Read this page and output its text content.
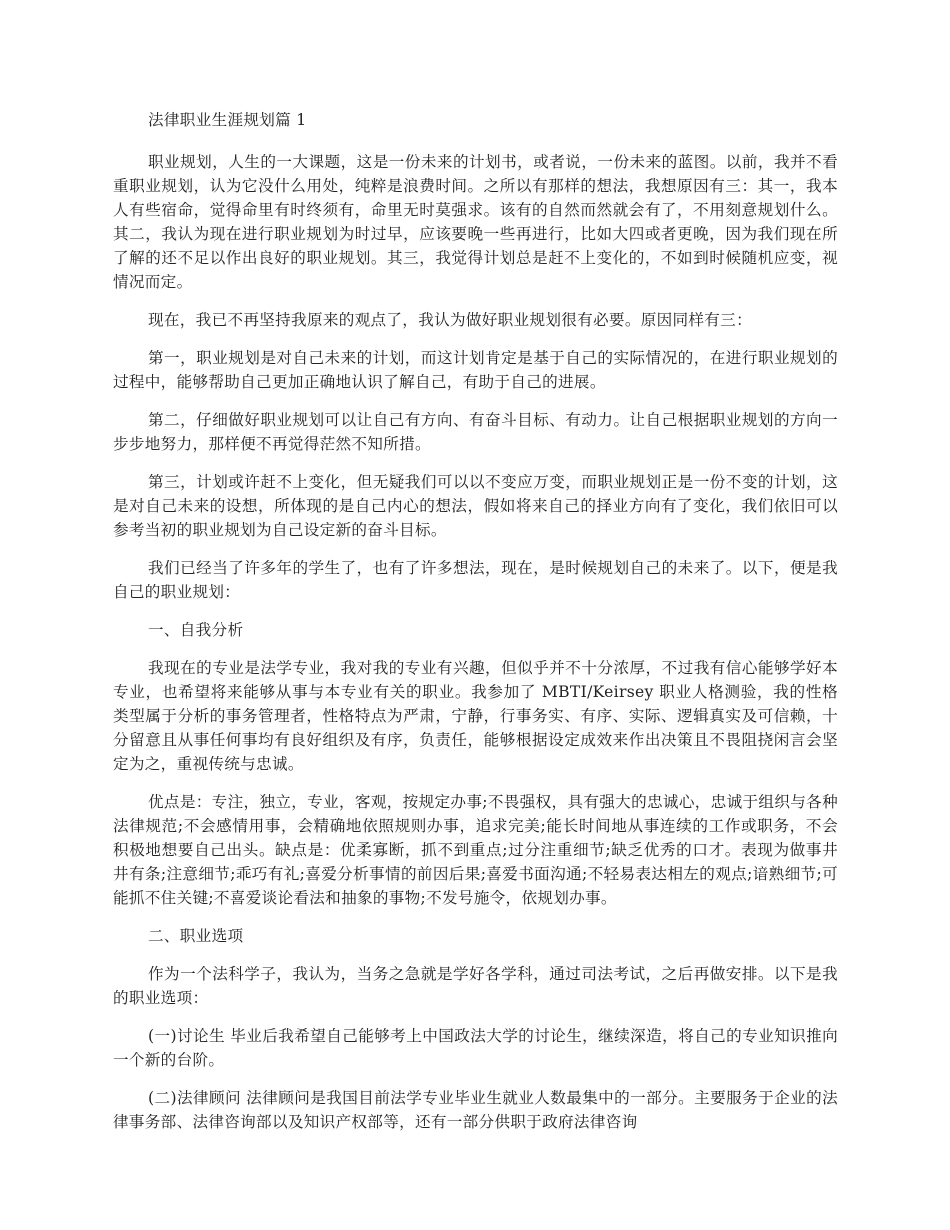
法律职业生涯规划篇 1

职业规划，人生的一大课题，这是一份未来的计划书，或者说，一份未来的蓝图。以前，我并不看重职业规划，认为它没什么用处，纯粹是浪费时间。之所以有那样的想法，我想原因有三：其一，我本人有些宿命，觉得命里有时终须有，命里无时莫强求。该有的自然而然就会有了，不用刻意规划什么。其二，我认为现在进行职业规划为时过早，应该要晚一些再进行，比如大四或者更晚，因为我们现在所了解的还不足以作出良好的职业规划。其三，我觉得计划总是赶不上变化的，不如到时候随机应变，视情况而定。

现在，我已不再坚持我原来的观点了，我认为做好职业规划很有必要。原因同样有三：

第一，职业规划是对自己未来的计划，而这计划肯定是基于自己的实际情况的，在进行职业规划的过程中，能够帮助自己更加正确地认识了解自己，有助于自己的进展。

第二，仔细做好职业规划可以让自己有方向、有奋斗目标、有动力。让自己根据职业规划的方向一步步地努力，那样便不再觉得茫然不知所措。

第三，计划或许赶不上变化，但无疑我们可以以不变应万变，而职业规划正是一份不变的计划，这是对自己未来的设想，所体现的是自己内心的想法，假如将来自己的择业方向有了变化，我们依旧可以参考当初的职业规划为自己设定新的奋斗目标。

我们已经当了许多年的学生了，也有了许多想法，现在，是时候规划自己的未来了。以下，便是我自己的职业规划：

一、自我分析

我现在的专业是法学专业，我对我的专业有兴趣，但似乎并不十分浓厚，不过我有信心能够学好本专业，也希望将来能够从事与本专业有关的职业。我参加了 MBTI/Keirsey 职业人格测验，我的性格类型属于分析的事务管理者，性格特点为严肃，宁静，行事务实、有序、实际、逻辑真实及可信赖，十分留意且从事任何事均有良好组织及有序，负责任，能够根据设定成效来作出决策且不畏阻挠闲言会坚定为之，重视传统与忠诚。

优点是：专注，独立，专业，客观，按规定办事;不畏强权，具有强大的忠诚心，忠诚于组织与各种法律规范;不会感情用事，会精确地依照规则办事，追求完美;能长时间地从事连续的工作或职务，不会积极地想要自己出头。缺点是：优柔寡断，抓不到重点;过分注重细节;缺乏优秀的口才。表现为做事井井有条;注意细节;乖巧有礼;喜爱分析事情的前因后果;喜爱书面沟通;不轻易表达相左的观点;谙熟细节;可能抓不住关键;不喜爱谈论看法和抽象的事物;不发号施令，依规划办事。

二、职业选项

作为一个法科学子，我认为，当务之急就是学好各学科，通过司法考试，之后再做安排。以下是我的职业选项：

(一)讨论生 毕业后我希望自己能够考上中国政法大学的讨论生，继续深造，将自己的专业知识推向一个新的台阶。

(二)法律顾问 法律顾问是我国目前法学专业毕业生就业人数最集中的一部分。主要服务于企业的法律事务部、法律咨询部以及知识产权部等，还有一部分供职于政府法律咨询
